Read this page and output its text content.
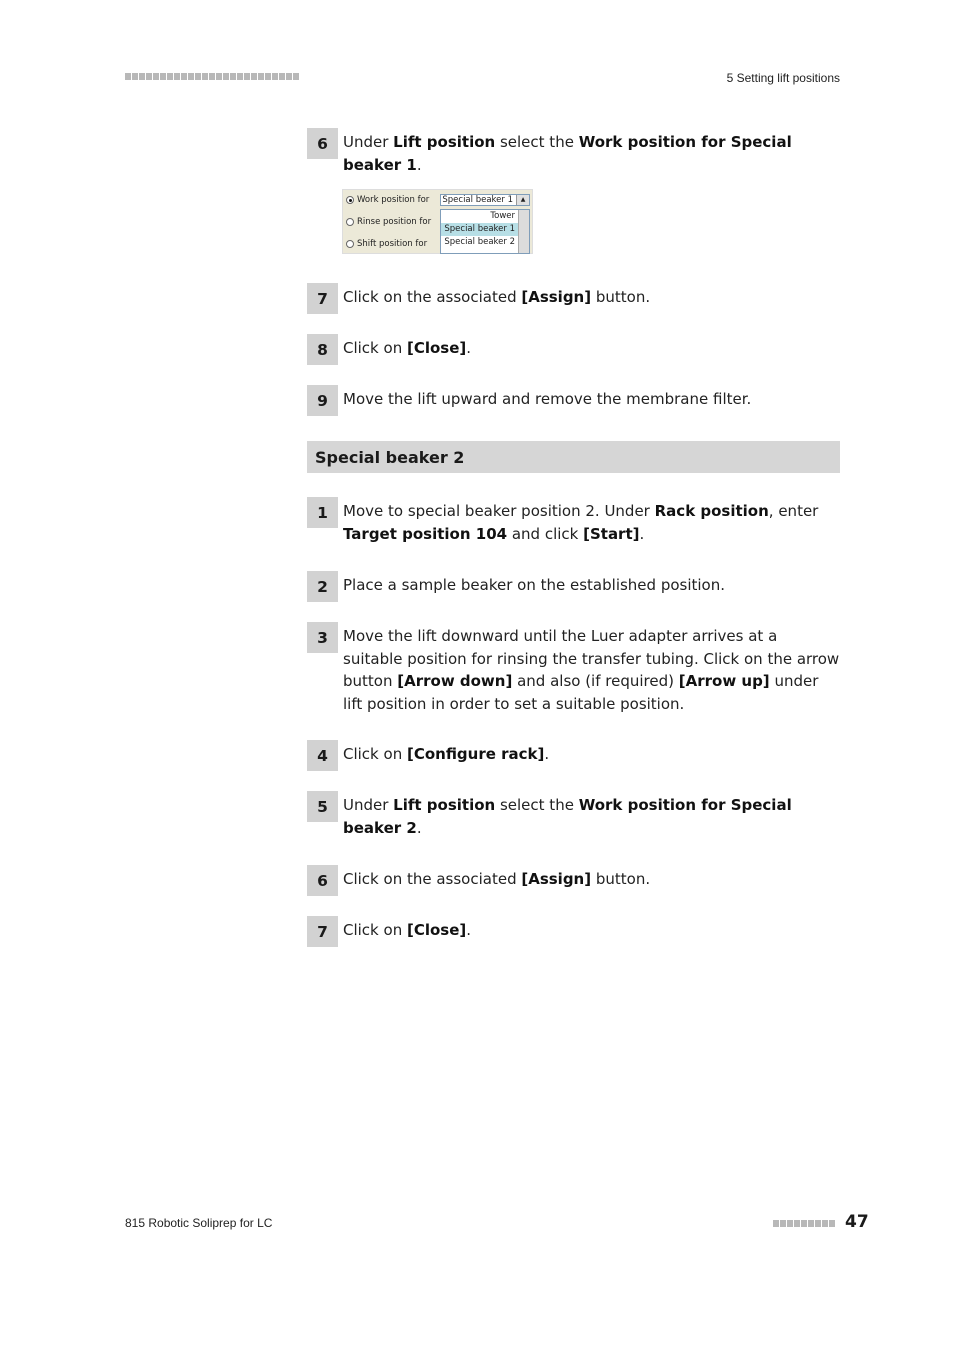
5 Setting lift positions
6	Under Lift position select the Work position for Special beaker 1.
Work position for
Rinse position for
Shift position for
Special beaker 1	▲
Tower
Special beaker 1
Special beaker 2
7	Click on the associated [Assign] button.
8	Click on [Close].
9	Move the lift upward and remove the membrane filter.
Special beaker 2
1	Move to special beaker position 2. Under Rack position, enter Target position 104 and click [Start].
2	Place a sample beaker on the established position.
3	Move the lift downward until the Luer adapter arrives at a suitable position for rinsing the transfer tubing. Click on the arrow button [Arrow down] and also (if required) [Arrow up] under lift position in order to set a suitable position.
4	Click on [Configure rack].
5	Under Lift position select the Work position for Special beaker 2.
6	Click on the associated [Assign] button.
7	Click on [Close].
815 Robotic Soliprep for LC	47
